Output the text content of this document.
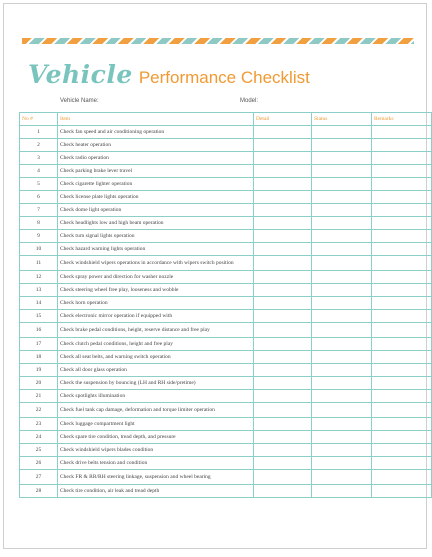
Vehicle Performance Checklist
Vehicle Name:	Model:
No #	Item	Detail	Status	Remarks
1	Check fan speed and air conditioning operation			
2	Check heater operation			
3	Check radio operation			
4	Check parking brake lever travel			
5	Check cigarette lighter operation			
6	Check license plate lights operation			
7	Check dome light operation			
8	Check headlights low and high beam operation			
9	Check turn signal lights operation			
10	Check hazard warning lights operation			
11	Check windshield wipers operations in accordance with wipers switch position			
12	Check spray power and direction for washer nozzle			
13	Check steering wheel free play, looseness and wobble			
14	Check horn operation			
15	Check electronic mirror operation if equipped with			
16	Check brake pedal conditions, height, reserve distance and free play			
17	Check clutch pedal conditions, height and free play			
18	Check all seat belts, and warning switch operation			
19	Check all door glass operation			
20	Check the suspension by bouncing (LH and RH side/pretime)			
21	Check spotlights illumination			
22	Check fuel tank cap damage, deformation and torque limiter operation			
23	Check luggage compartment light			
24	Check spare tire condition, tread depth, and pressure			
25	Check windshield wipers blades condition			
26	Check drive belts tension and condition			
27	Check FR & RR/RH steering linkage, suspension and wheel bearing			
28	Check tire condition, air leak and tread depth			
